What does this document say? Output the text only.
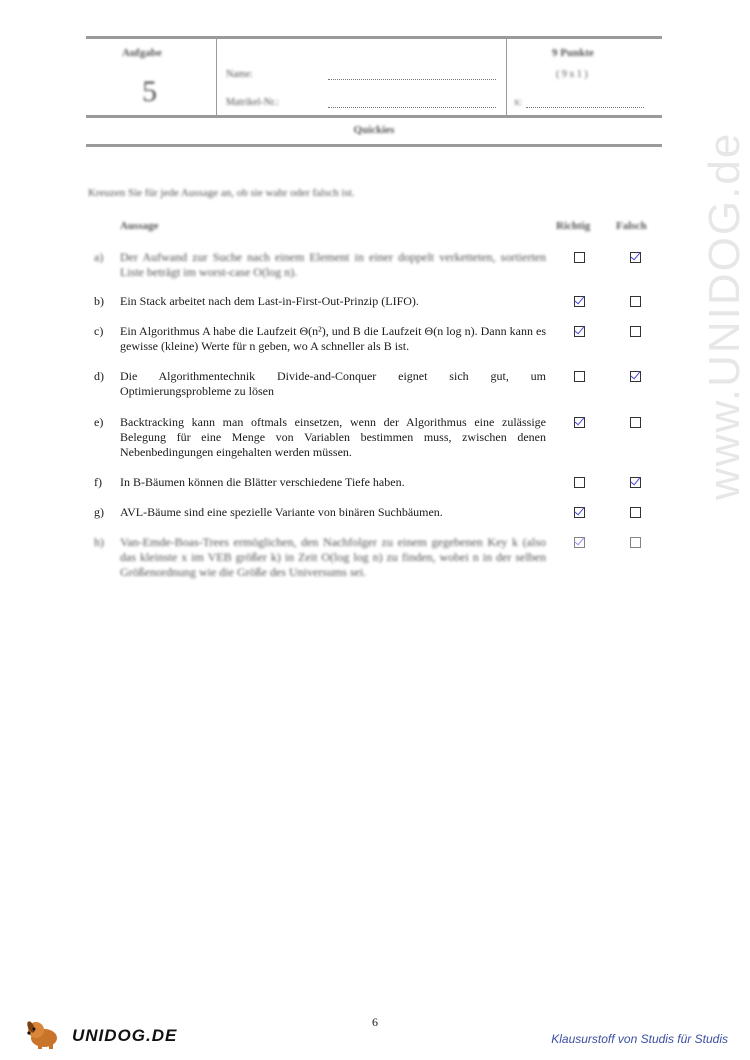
www.UNIDOG.de
Aufgabe
5
Name:
Matrikel-Nr.:
9 Punkte
( 9 x 1 )
x:
Quickies
Kreuzen Sie für jede Aussage an, ob sie wahr oder falsch ist.
Aussage	Richtig Falsch
a) Der Aufwand zur Suche nach einem Element in einer doppelt verketteten, sortierten Liste beträgt im worst-case O(log n).
b) Ein Stack arbeitet nach dem Last-in-First-Out-Prinzip (LIFO).
c) Ein Algorithmus A habe die Laufzeit Θ(n²), und B die Laufzeit Θ(n log n). Dann kann es gewisse (kleine) Werte für n geben, wo A schneller als B ist.
d) Die Algorithmentechnik Divide-and-Conquer eignet sich gut, um Optimierungsprobleme zu lösen
e) Backtracking kann man oftmals einsetzen, wenn der Algorithmus eine zulässige Belegung für eine Menge von Variablen bestimmen muss, zwischen denen Nebenbedingungen eingehalten werden müssen.
f) In B-Bäumen können die Blätter verschiedene Tiefe haben.
g) AVL-Bäume sind eine spezielle Variante von binären Suchbäumen.
h) Van-Emde-Boas-Trees ermöglichen, den Nachfolger zu einem gegebenen Key k (also das kleinste x im VEB größer k) in Zeit O(log log n) zu finden, wobei n in der selben Größenordnung wie die Größe des Universums sei.
6
UNIDOG.DE	Klausurstoff von Studis für Studis
